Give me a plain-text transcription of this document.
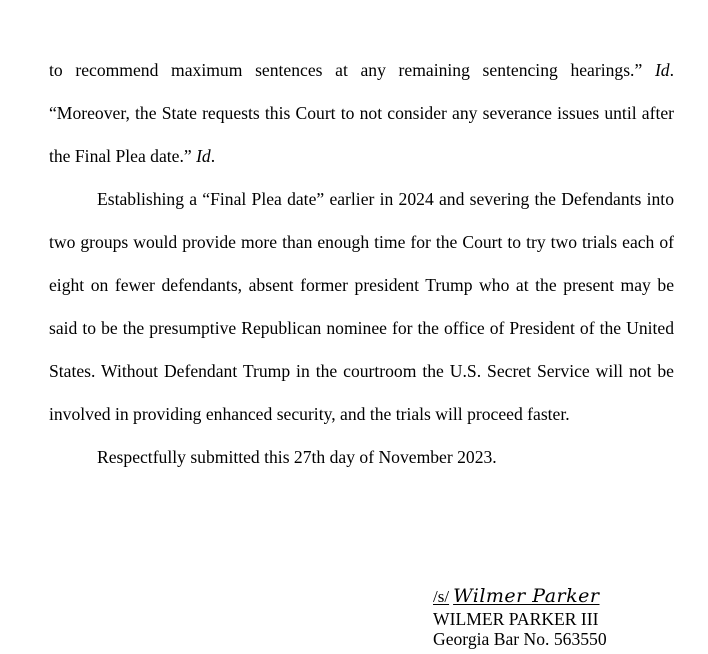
to recommend maximum sentences at any remaining sentencing hearings.” Id. “Moreover, the State requests this Court to not consider any severance issues until after the Final Plea date.” Id.

Establishing a “Final Plea date” earlier in 2024 and severing the Defendants into two groups would provide more than enough time for the Court to try two trials each of eight on fewer defendants, absent former president Trump who at the present may be said to be the presumptive Republican nominee for the office of President of the United States. Without Defendant Trump in the courtroom the U.S. Secret Service will not be involved in providing enhanced security, and the trials will proceed faster.

Respectfully submitted this 27th day of November 2023.

/s/ Wilmer Parker
WILMER PARKER III
Georgia Bar No. 563550
